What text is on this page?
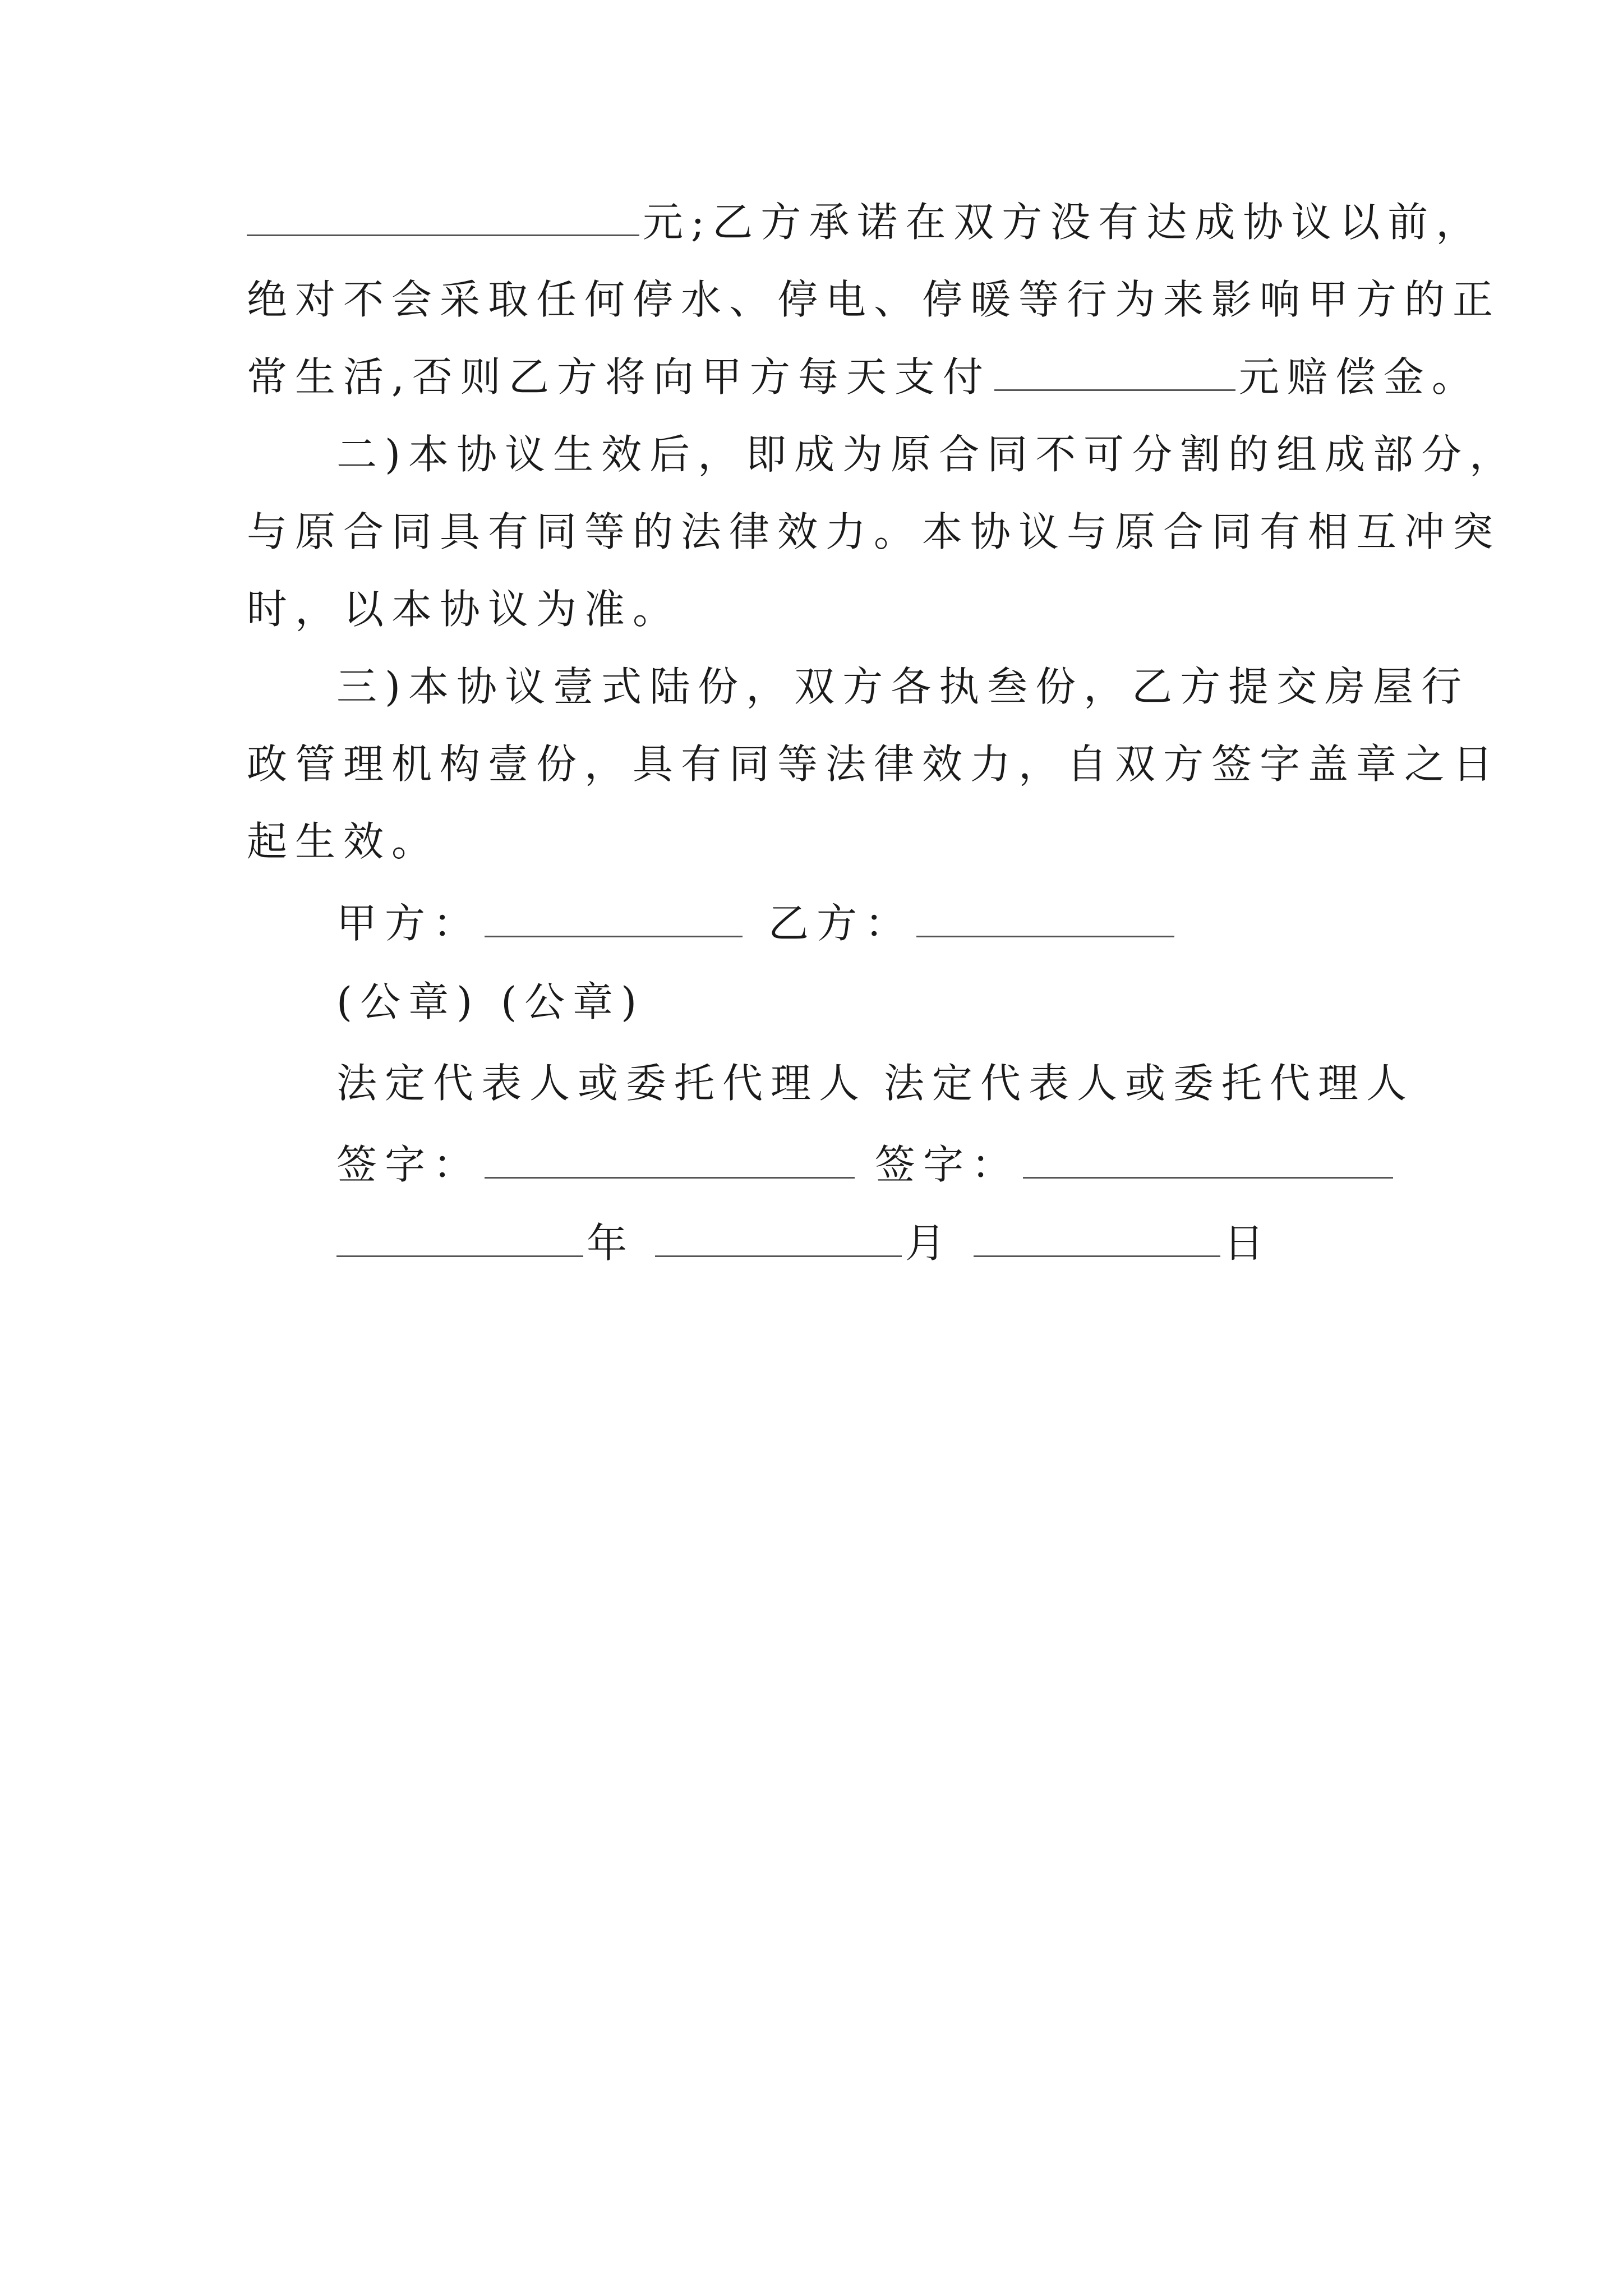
元;乙方承诺在双方没有达成协议以前，
绝对不会采取任何停水、停电、停暖等行为来影响甲方的正
常生活,否则乙方将向甲方每天支付	元赔偿金。
二)本协议生效后，即成为原合同不可分割的组成部分，
与原合同具有同等的法律效力。本协议与原合同有相互冲突
时，以本协议为准。
三)本协议壹式陆份，双方各执叁份，乙方提交房屋行
政管理机构壹份，具有同等法律效力，自双方签字盖章之日
起生效。
甲方：	乙方：
(公章) (公章)
法定代表人或委托代理人 法定代表人或委托代理人
签字：	签字：
年	月	日
